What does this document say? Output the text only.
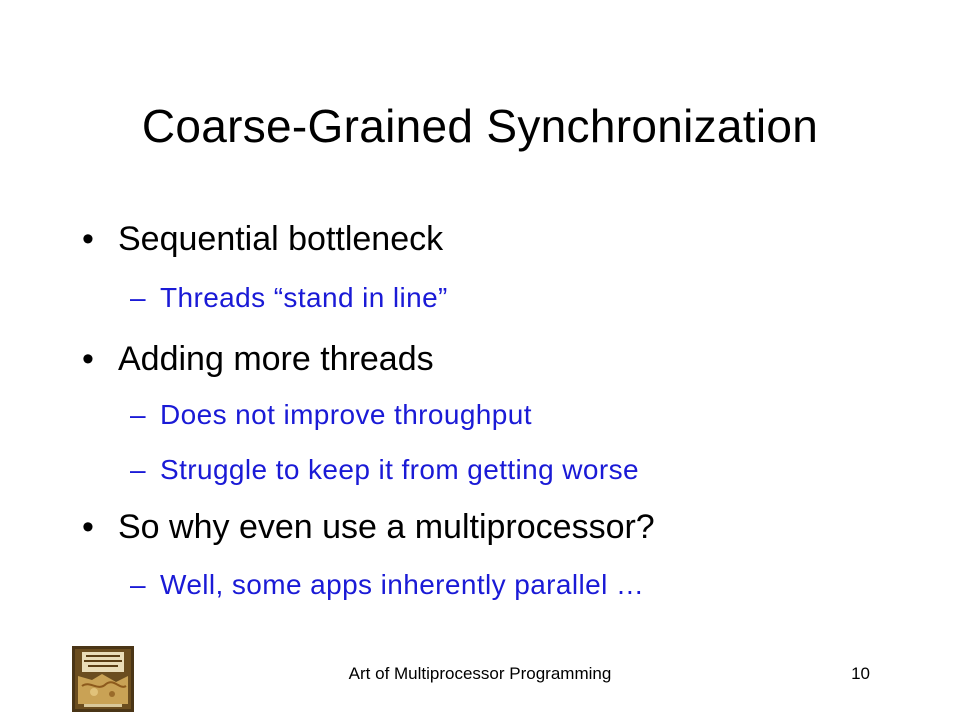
Coarse-Grained Synchronization
• Sequential bottleneck
– Threads “stand in line”
• Adding more threads
– Does not improve throughput
– Struggle to keep it from getting worse
• So why even use a multiprocessor?
– Well, some apps inherently parallel …
Art of Multiprocessor Programming	10
